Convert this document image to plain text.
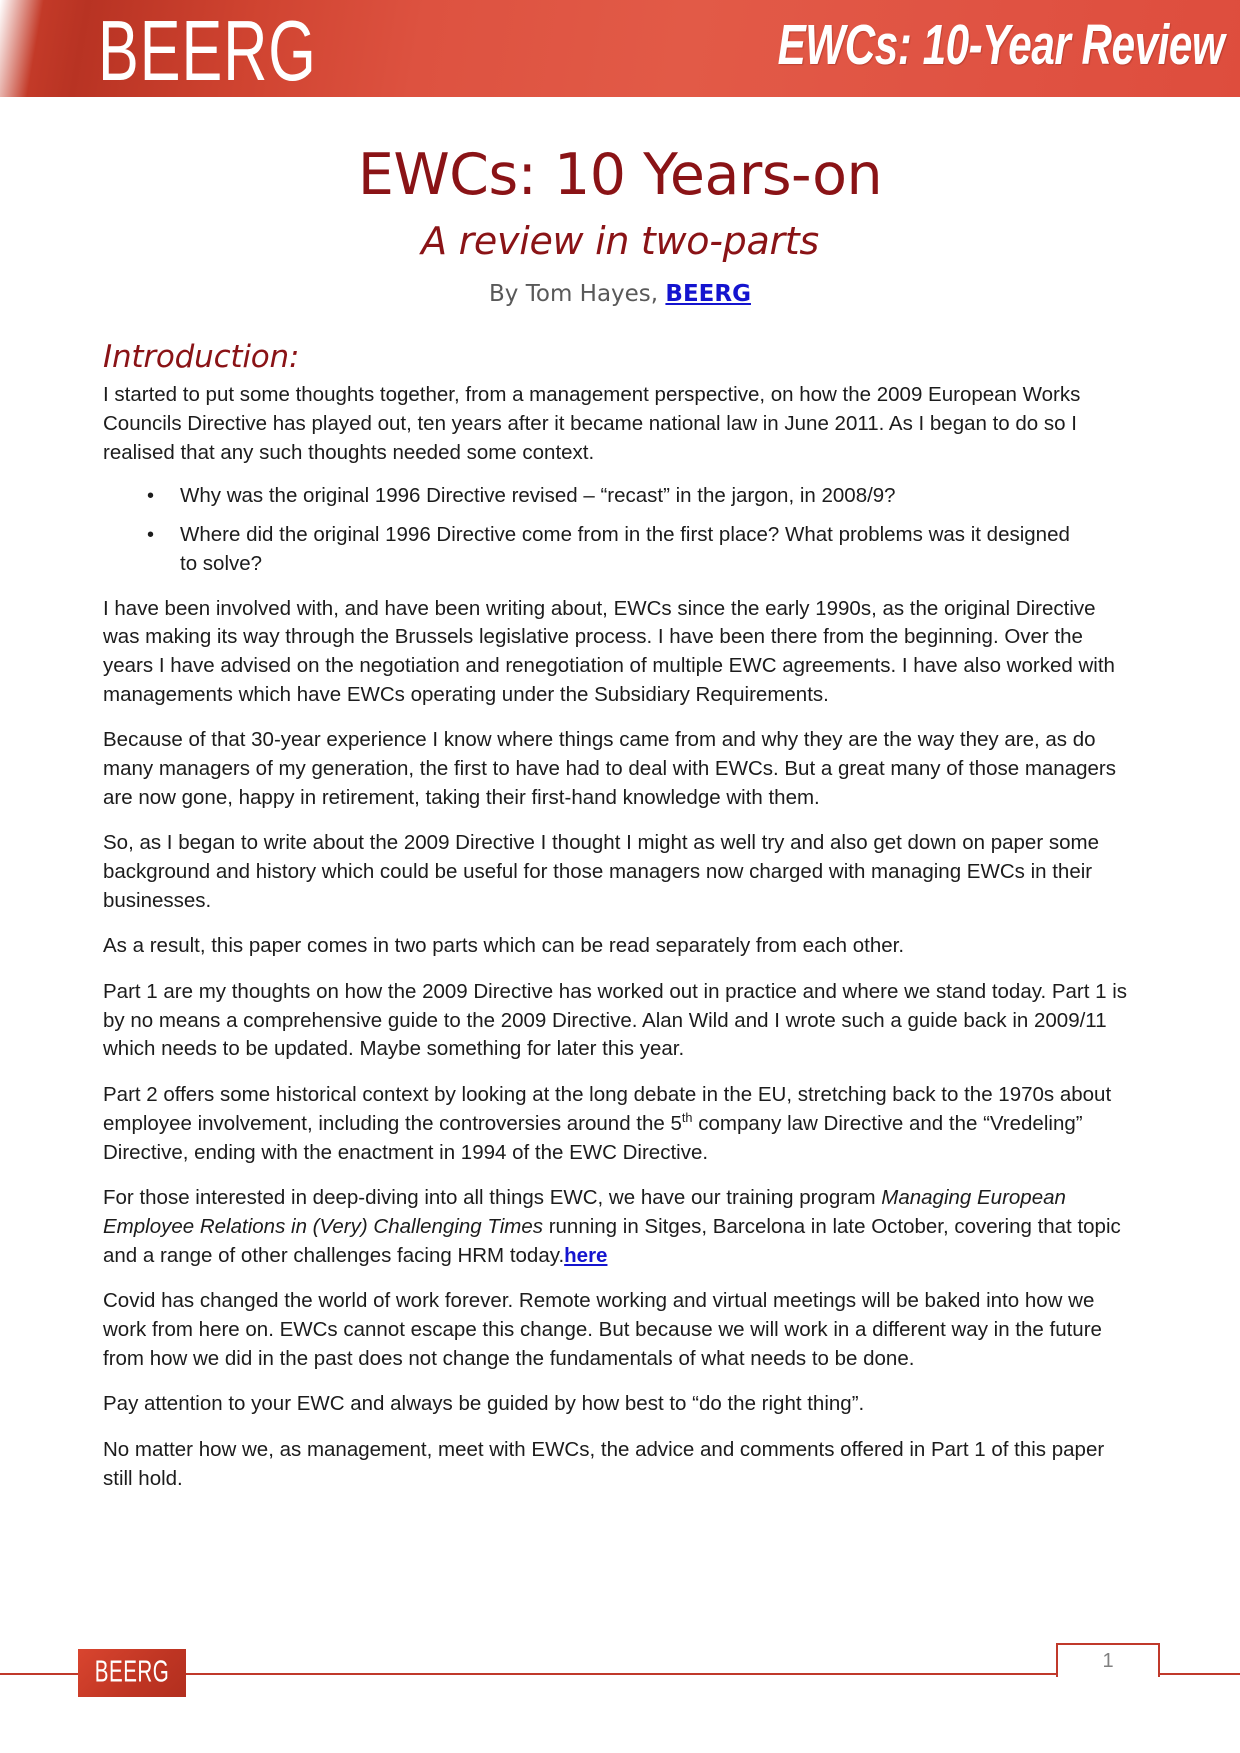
BEERG	EWCs: 10-Year Review
EWCs: 10 Years-on
A review in two-parts
By Tom Hayes, BEERG
Introduction:

I started to put some thoughts together, from a management perspective, on how the 2009 European Works Councils Directive has played out, ten years after it became national law in June 2011. As I began to do so I realised that any such thoughts needed some context.

• Why was the original 1996 Directive revised – “recast” in the jargon, in 2008/9?
• Where did the original 1996 Directive come from in the first place? What problems was it designed to solve?

I have been involved with, and have been writing about, EWCs since the early 1990s, as the original Directive was making its way through the Brussels legislative process. I have been there from the beginning. Over the years I have advised on the negotiation and renegotiation of multiple EWC agreements. I have also worked with managements which have EWCs operating under the Subsidiary Requirements.

Because of that 30-year experience I know where things came from and why they are the way they are, as do many managers of my generation, the first to have had to deal with EWCs. But a great many of those managers are now gone, happy in retirement, taking their first-hand knowledge with them.

So, as I began to write about the 2009 Directive I thought I might as well try and also get down on paper some background and history which could be useful for those managers now charged with managing EWCs in their businesses.

As a result, this paper comes in two parts which can be read separately from each other.

Part 1 are my thoughts on how the 2009 Directive has worked out in practice and where we stand today. Part 1 is by no means a comprehensive guide to the 2009 Directive. Alan Wild and I wrote such a guide back in 2009/11 which needs to be updated. Maybe something for later this year.

Part 2 offers some historical context by looking at the long debate in the EU, stretching back to the 1970s about employee involvement, including the controversies around the 5th company law Directive and the “Vredeling” Directive, ending with the enactment in 1994 of the EWC Directive.

For those interested in deep-diving into all things EWC, we have our training program Managing European Employee Relations in (Very) Challenging Times running in Sitges, Barcelona in late October, covering that topic and a range of other challenges facing HRM today.here

Covid has changed the world of work forever. Remote working and virtual meetings will be baked into how we work from here on. EWCs cannot escape this change. But because we will work in a different way in the future from how we did in the past does not change the fundamentals of what needs to be done.

Pay attention to your EWC and always be guided by how best to “do the right thing”.

No matter how we, as management, meet with EWCs, the advice and comments offered in Part 1 of this paper still hold.

BEERG	1
